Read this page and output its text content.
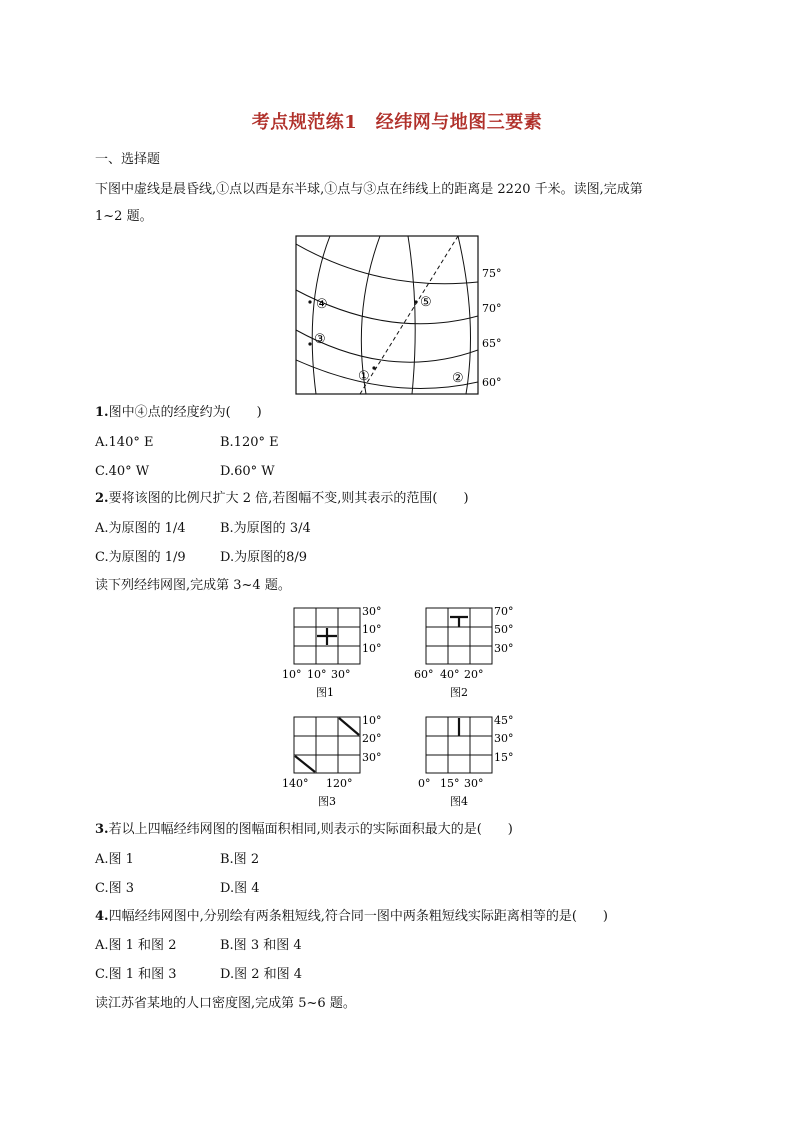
考点规范练1　经纬网与地图三要素
一、选择题
下图中虚线是晨昏线,①点以西是东半球,①点与③点在纬线上的距离是 2220 千米。读图,完成第
1~2 题。
75°
70°
65°
60°
①	②
③
④	⑤
1.图中④点的经度约为(　　)
A.140° E	B.120° E
C.40° W	D.60° W
2.要将该图的比例尺扩大 2 倍,若图幅不变,则其表示的范围(　　)
A.为原图的 1/4	B.为原图的 3/4
C.为原图的 1/9	D.为原图的8/9
读下列经纬网图,完成第 3~4 题。
30°
10°
10°
10° 10° 30°
图1
70°
50°
30°
60° 40° 20°
图2
10°
20°
30°
140° 120°
图3
45°
30°
15°
0° 15° 30°
图4
3.若以上四幅经纬网图的图幅面积相同,则表示的实际面积最大的是(　　)
A.图 1	B.图 2
C.图 3	D.图 4
4.四幅经纬网图中,分别绘有两条粗短线,符合同一图中两条粗短线实际距离相等的是(　　)
A.图 1 和图 2	B.图 3 和图 4
C.图 1 和图 3	D.图 2 和图 4
读江苏省某地的人口密度图,完成第 5~6 题。
